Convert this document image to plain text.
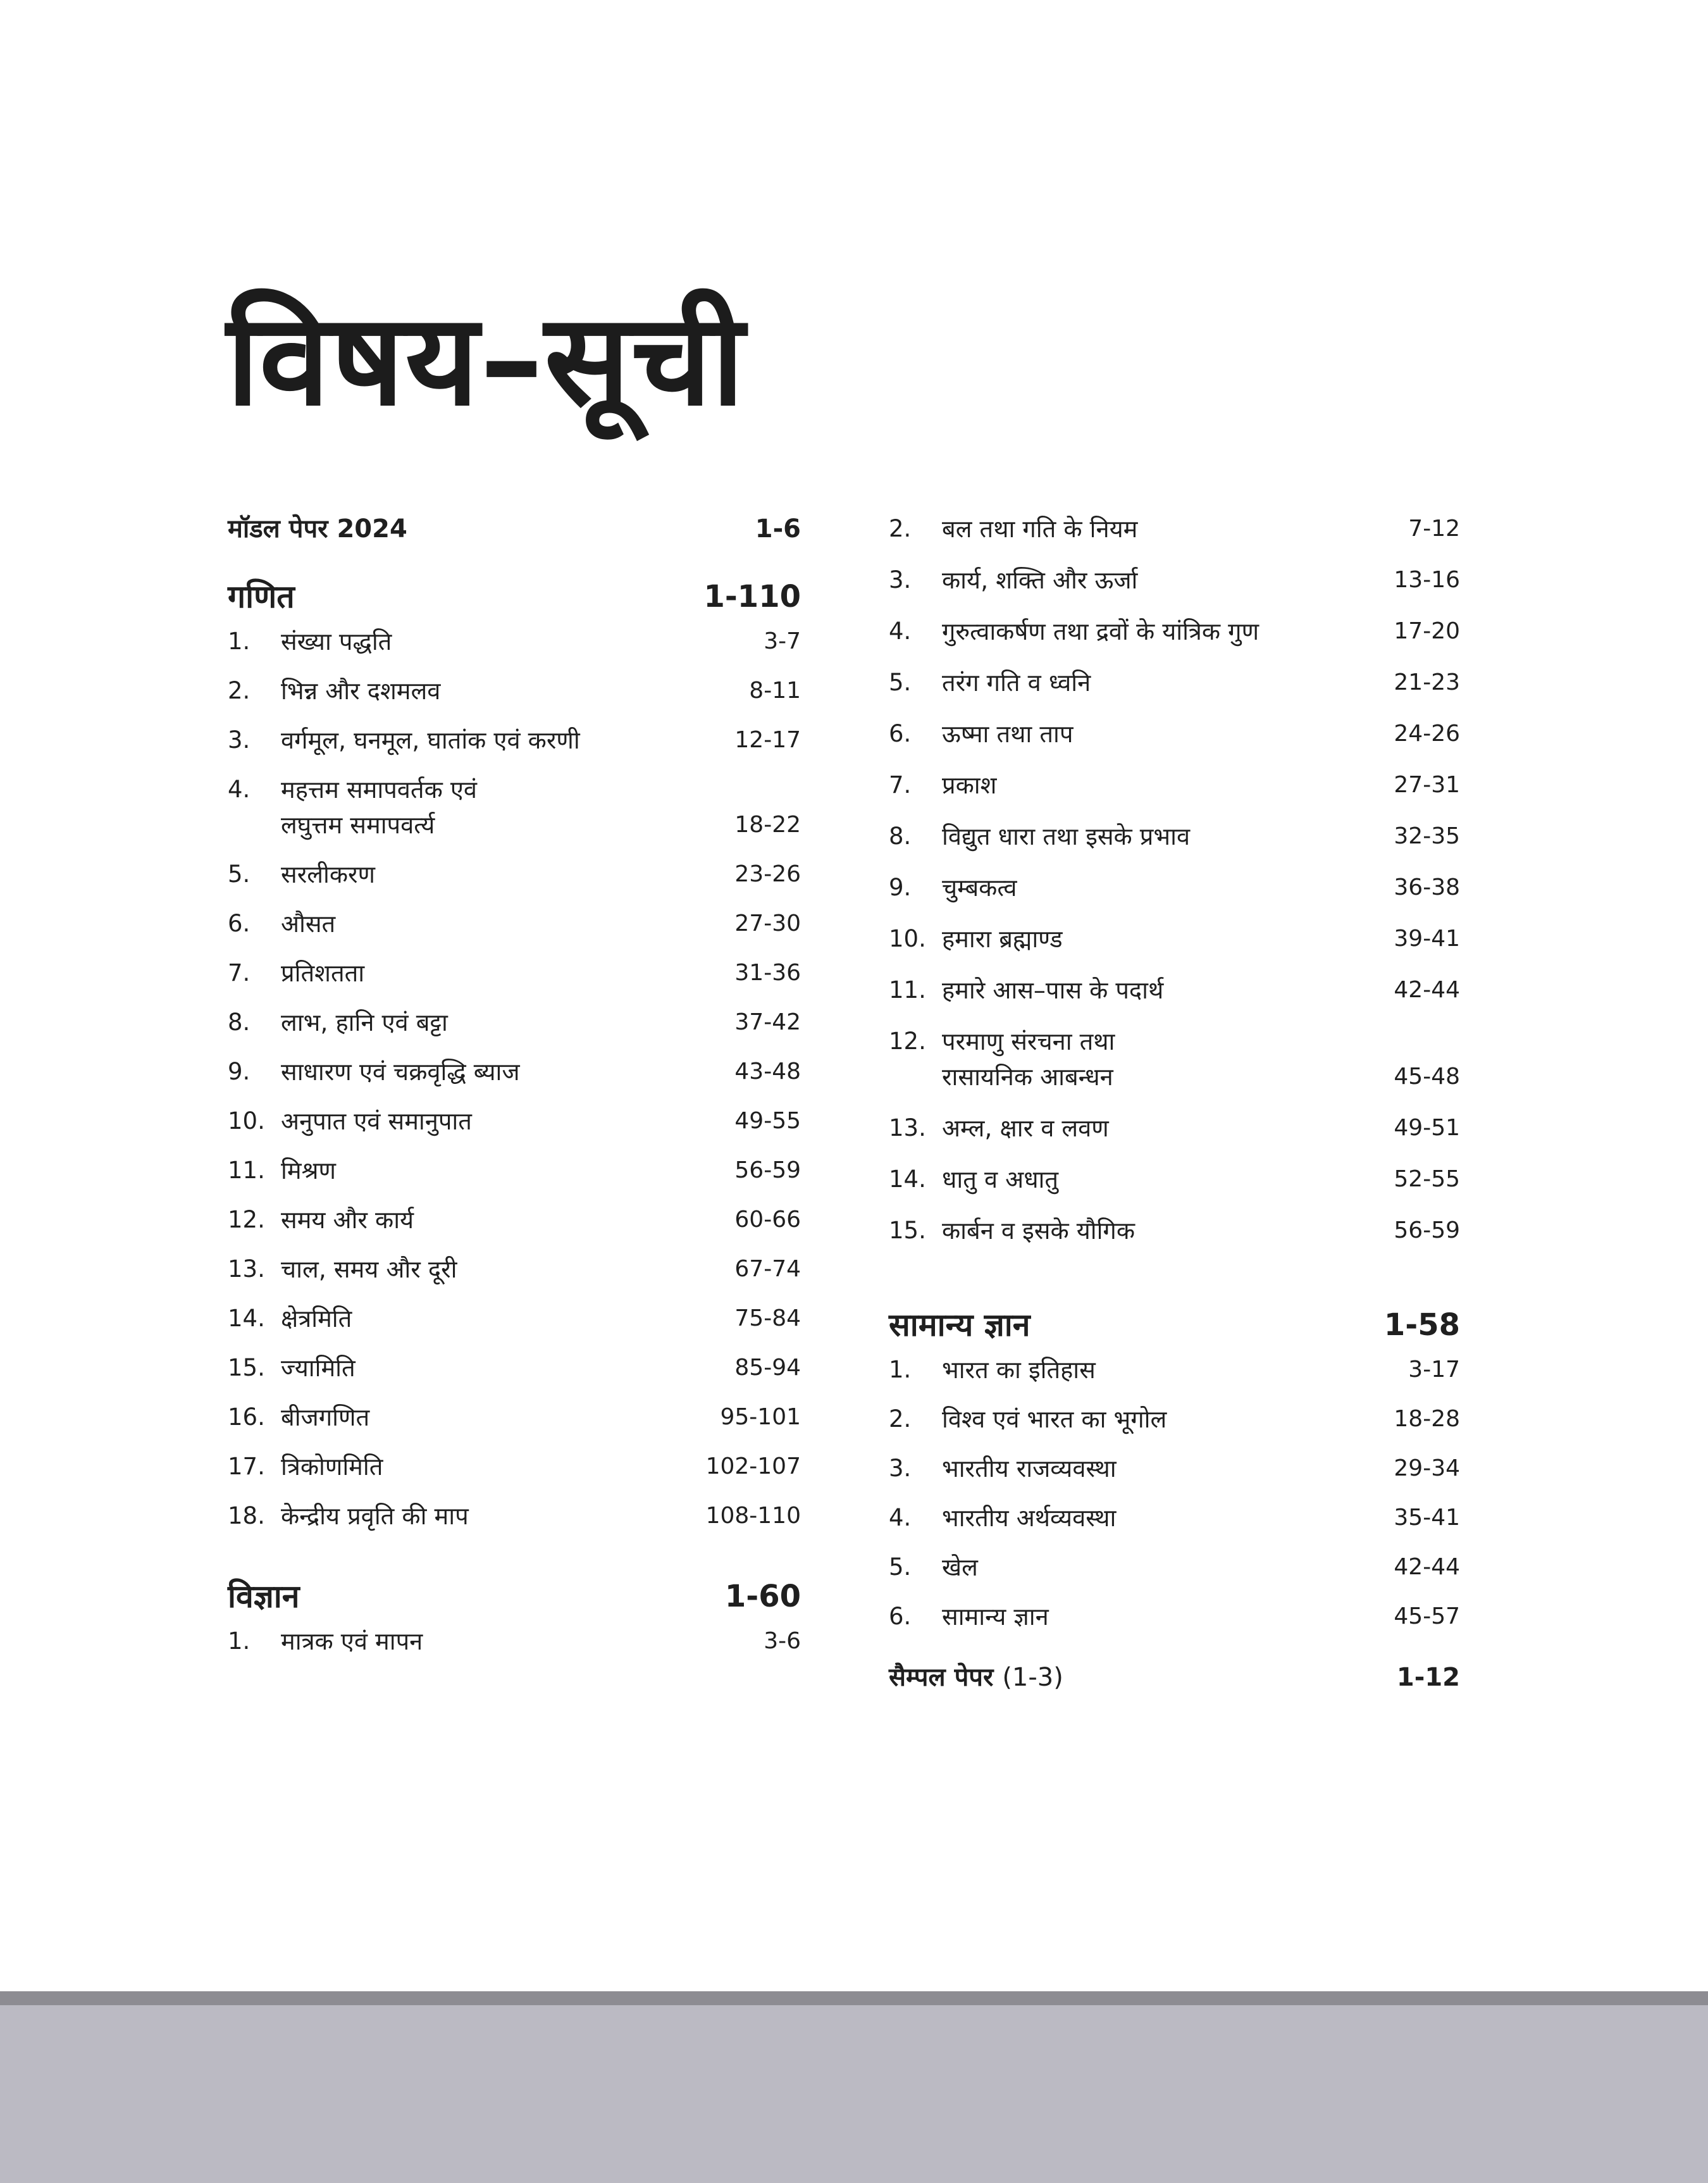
विषय–सूची
मॉडल पेपर 2024	1-6
गणित	1-110
1.	संख्या पद्धति	3-7
2.	भिन्न और दशमलव	8-11
3.	वर्गमूल, घनमूल, घातांक एवं करणी	12-17
4.	महत्तम समापवर्तक एवं
लघुत्तम समापवर्त्य	18-22
5.	सरलीकरण	23-26
6.	औसत	27-30
7.	प्रतिशतता	31-36
8.	लाभ, हानि एवं बट्टा	37-42
9.	साधारण एवं चक्रवृद्धि ब्याज	43-48
10. अनुपात एवं समानुपात	49-55
11. मिश्रण	56-59
12. समय और कार्य	60-66
13. चाल, समय और दूरी	67-74
14. क्षेत्रमिति	75-84
15. ज्यामिति	85-94
16. बीजगणित	95-101
17. त्रिकोणमिति	102-107
18. केन्द्रीय प्रवृति की माप	108-110
विज्ञान	1-60
1.	मात्रक एवं मापन	3-6
2.	बल तथा गति के नियम	7-12
3.	कार्य, शक्ति और ऊर्जा	13-16
4.	गुरुत्वाकर्षण तथा द्रवों के यांत्रिक गुण	17-20
5.	तरंग गति व ध्वनि	21-23
6.	ऊष्मा तथा ताप	24-26
7.	प्रकाश	27-31
8.	विद्युत धारा तथा इसके प्रभाव	32-35
9.	चुम्बकत्व	36-38
10. हमारा ब्रह्माण्ड	39-41
11. हमारे आस–पास के पदार्थ	42-44
12. परमाणु संरचना तथा
रासायनिक आबन्धन	45-48
13. अम्ल, क्षार व लवण	49-51
14. धातु व अधातु	52-55
15. कार्बन व इसके यौगिक	56-59
सामान्य ज्ञान	1-58
1.	भारत का इतिहास	3-17
2.	विश्व एवं भारत का भूगोल	18-28
3.	भारतीय राजव्यवस्था	29-34
4.	भारतीय अर्थव्यवस्था	35-41
5.	खेल	42-44
6.	सामान्य ज्ञान	45-57
सैम्पल पेपर (1-3)	1-12
